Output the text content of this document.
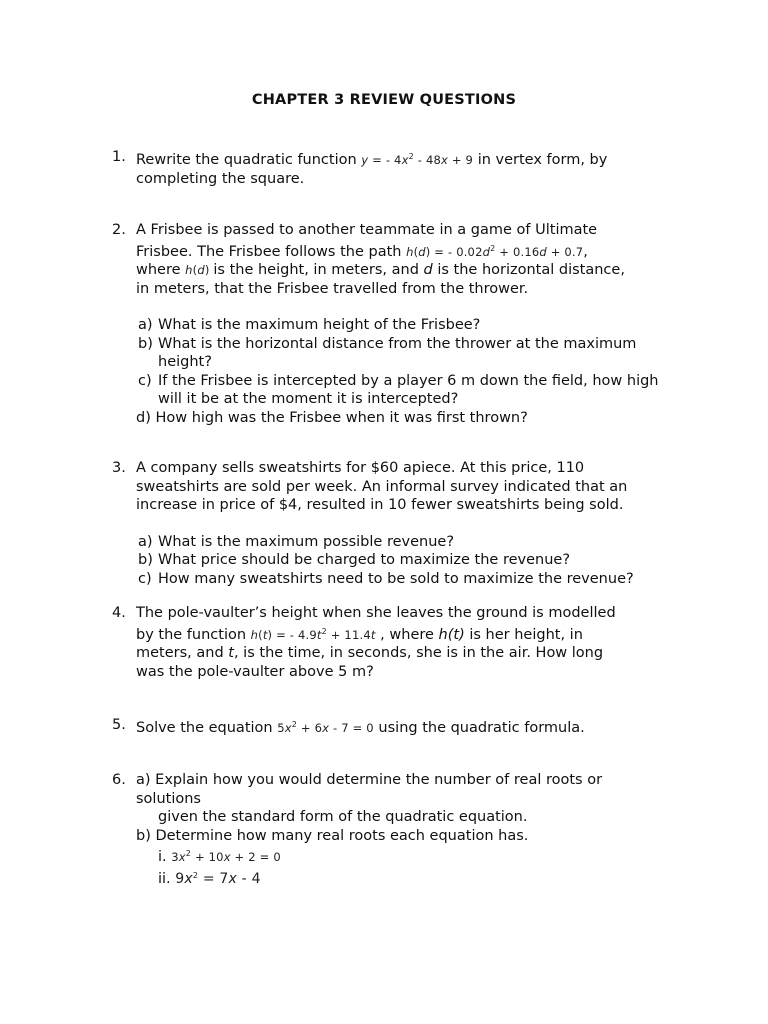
CHAPTER 3 REVIEW QUESTIONS
1. Rewrite the quadratic function y = - $4x^2 - 48x + 9$ in vertex form, by completing the square.
2. A Frisbee is passed to another teammate in a game of Ultimate
Frisbee. The Frisbee follows the path h(d) = - $0.02d^2 + 0.16d + 0.7$,
where h(d) is the height, in meters, and d is the horizontal distance,
in meters, that the Frisbee travelled from the thrower.
a) What is the maximum height of the Frisbee?
b) What is the horizontal distance from the thrower at the maximum height?
c) If the Frisbee is intercepted by a player 6 m down the field, how high will it be at the moment it is intercepted?
d) How high was the Frisbee when it was first thrown?
3. A company sells sweatshirts for $60 apiece. At this price, 110 sweatshirts are sold per week. An informal survey indicated that an increase in price of $4, resulted in 10 fewer sweatshirts being sold.
a) What is the maximum possible revenue?
b) What price should be charged to maximize the revenue?
c) How many sweatshirts need to be sold to maximize the revenue?
4. The pole-vaulter’s height when she leaves the ground is modelled
by the function h(t) = - $4.9t^2 + 11.4t$ , where h(t) is her height, in
meters, and t, is the time, in seconds, she is in the air. How long
was the pole-vaulter above 5 m?
5. Solve the equation $5x^2 + 6x - 7 = 0$ using the quadratic formula.
6. a) Explain how you would determine the number of real roots or
solutions
given the standard form of the quadratic equation.
b) Determine how many real roots each equation has.
i. $3x^2 + 10x + 2 = 0$
ii. $9x^2 = 7x - 4$
